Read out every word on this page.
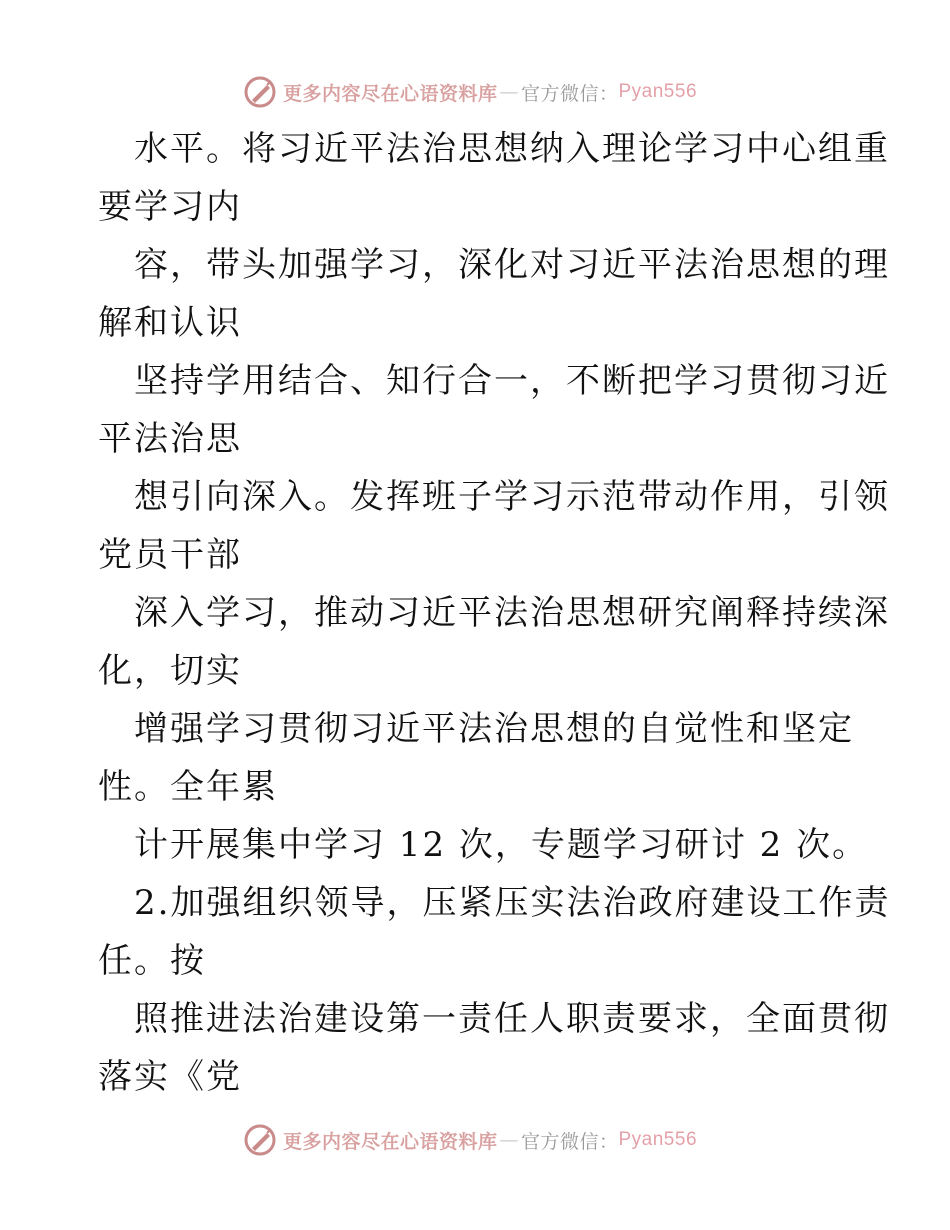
更多内容尽在心语资料库 — 官方微信： Pyan556
水平。将习近平法治思想纳入理论学习中心组重
要学习内
容，带头加强学习，深化对习近平法治思想的理
解和认识
坚持学用结合、知行合一，不断把学习贯彻习近
平法治思
想引向深入。发挥班子学习示范带动作用，引领
党员干部
深入学习，推动习近平法治思想研究阐释持续深
化，切实
增强学习贯彻习近平法治思想的自觉性和坚定
性。全年累
计开展集中学习 12 次，专题学习研讨 2 次。
2.加强组织领导，压紧压实法治政府建设工作责
任。按
照推进法治建设第一责任人职责要求，全面贯彻
落实《党
更多内容尽在心语资料库 — 官方微信： Pyan556
